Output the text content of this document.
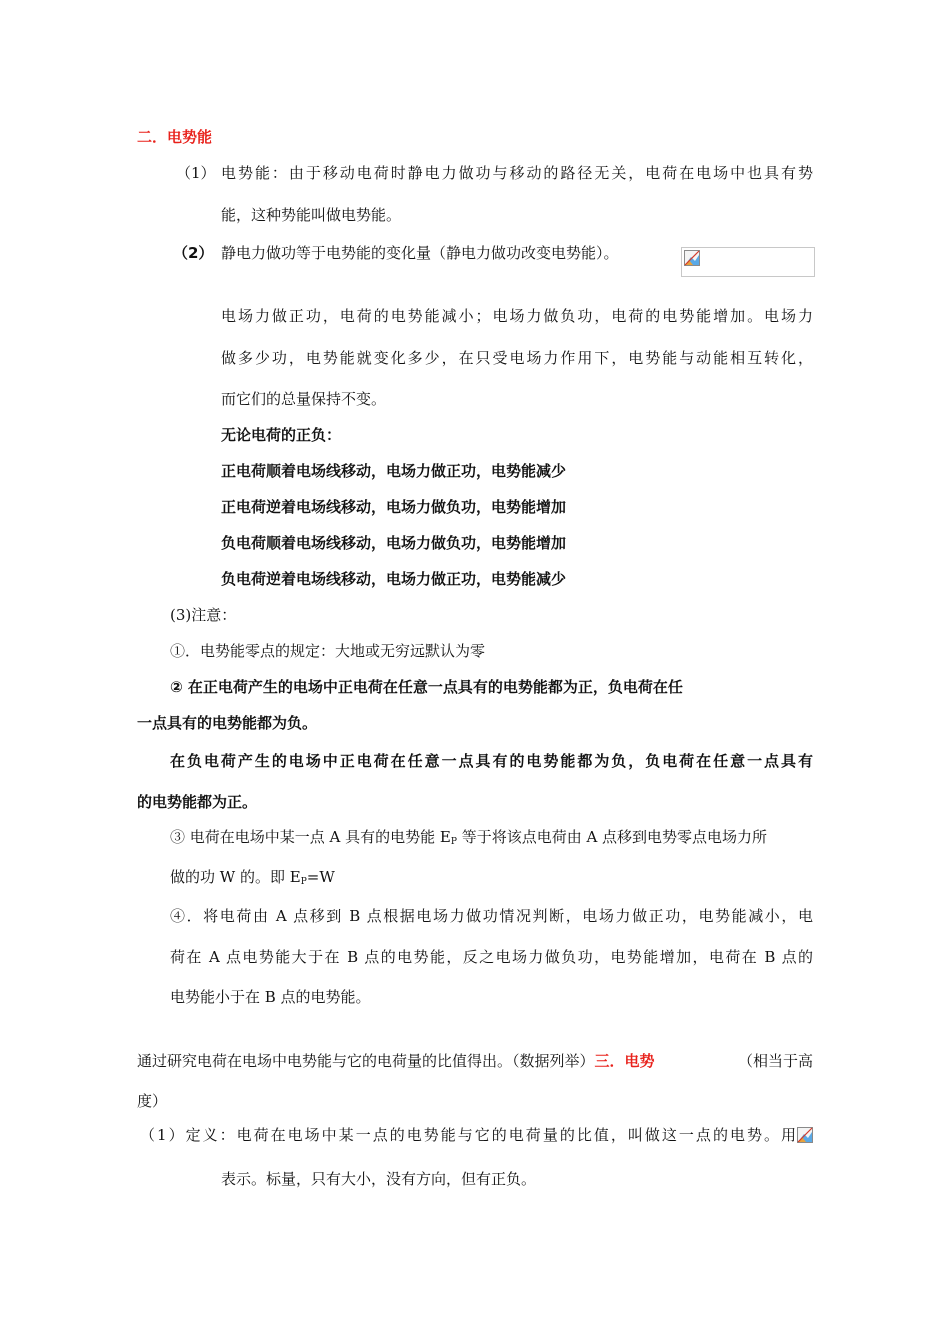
二．电势能
（1） 电势能：由于移动电荷时静电力做功与移动的路径无关，电荷在电场中也具有势
能，这种势能叫做电势能。
（2） 静电力做功等于电势能的变化量（静电力做功改变电势能）。
电场力做正功，电荷的电势能减小；电场力做负功，电荷的电势能增加。电场力
做多少功，电势能就变化多少，在只受电场力作用下，电势能与动能相互转化，
而它们的总量保持不变。
无论电荷的正负：
正电荷顺着电场线移动，电场力做正功，电势能减少
正电荷逆着电场线移动，电场力做负功，电势能增加
负电荷顺着电场线移动，电场力做负功，电势能增加
负电荷逆着电场线移动，电场力做正功，电势能减少
(3)注意：
①．电势能零点的规定：大地或无穷远默认为零
② 在正电荷产生的电场中正电荷在任意一点具有的电势能都为正，负电荷在任
一点具有的电势能都为负。
在负电荷产生的电场中正电荷在任意一点具有的电势能都为负，负电荷在任意一点具有
的电势能都为正。
③ 电荷在电场中某一点 A 具有的电势能 $E_P$ 等于将该点电荷由 A 点移到电势零点电场力所
做的功 W 的。即 $E_P=W$
④．将电荷由 A 点移到 B 点根据电场力做功情况判断，电场力做正功，电势能减小，电
荷在 A 点电势能大于在 B 点的电势能，反之电场力做负功，电势能增加，电荷在 B 点的
电势能小于在 B 点的电势能。
通过研究电荷在电场中电势能与它的电荷量的比值得出。（数据列举）三．电势	（相当于高
度）
（1）定义：电荷在电场中某一点的电势能与它的电荷量的比值，叫做这一点的电势。用
表示。标量，只有大小，没有方向，但有正负。
